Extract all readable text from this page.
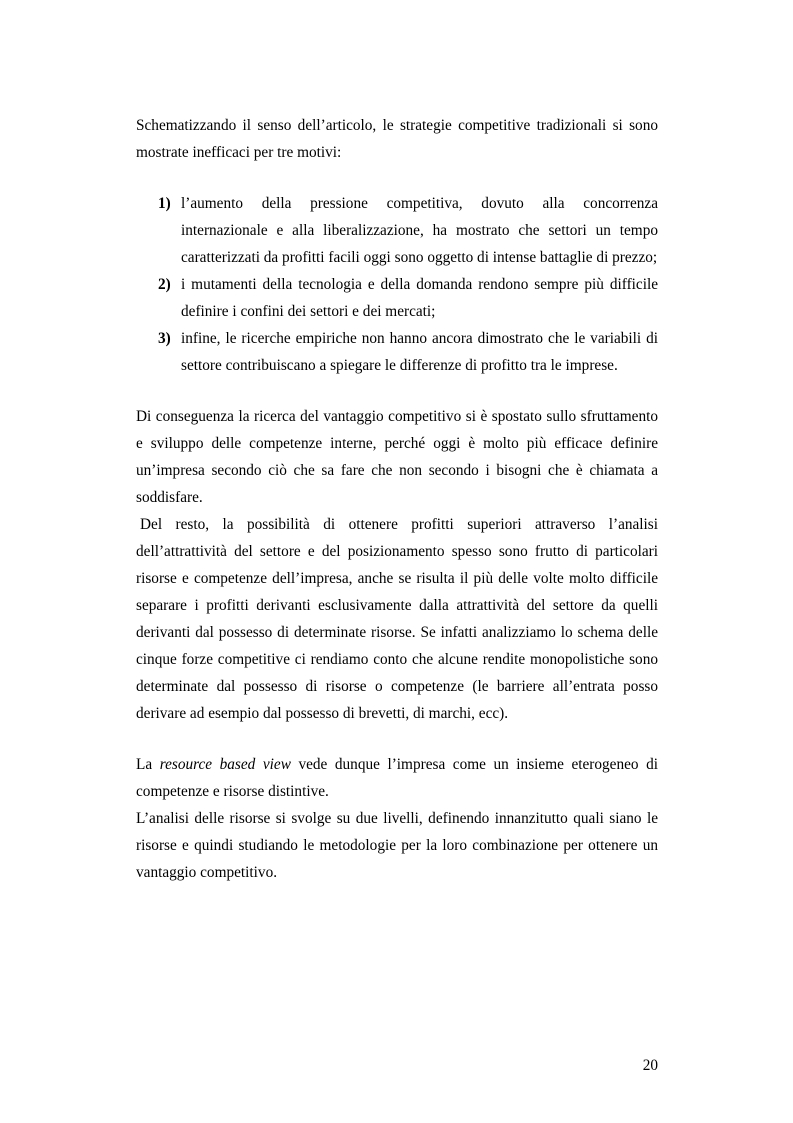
Schematizzando il senso dell’articolo, le strategie competitive tradizionali si sono mostrate inefficaci per tre motivi:

1) l’aumento della pressione competitiva, dovuto alla concorrenza internazionale e alla liberalizzazione, ha mostrato che settori un tempo caratterizzati da profitti facili oggi sono oggetto di intense battaglie di prezzo;
2) i mutamenti della tecnologia e della domanda rendono sempre più difficile definire i confini dei settori e dei mercati;
3) infine, le ricerche empiriche non hanno ancora dimostrato che le variabili di settore contribuiscano a spiegare le differenze di profitto tra le imprese.

Di conseguenza la ricerca del vantaggio competitivo si è spostato sullo sfruttamento e sviluppo delle competenze interne, perché oggi è molto più efficace definire un’impresa secondo ciò che sa fare che non secondo i bisogni che è chiamata a soddisfare.

Del resto, la possibilità di ottenere profitti superiori attraverso l’analisi dell’attrattività del settore e del posizionamento spesso sono frutto di particolari risorse e competenze dell’impresa, anche se risulta il più delle volte molto difficile separare i profitti derivanti esclusivamente dalla attrattività del settore da quelli derivanti dal possesso di determinate risorse. Se infatti analizziamo lo schema delle cinque forze competitive ci rendiamo conto che alcune rendite monopolistiche sono determinate dal possesso di risorse o competenze (le barriere all’entrata posso derivare ad esempio dal possesso di brevetti, di marchi, ecc).

La resource based view vede dunque l’impresa come un insieme eterogeneo di competenze e risorse distintive.

L’analisi delle risorse si svolge su due livelli, definendo innanzitutto quali siano le risorse e quindi studiando le metodologie per la loro combinazione per ottenere un vantaggio competitivo.

20
